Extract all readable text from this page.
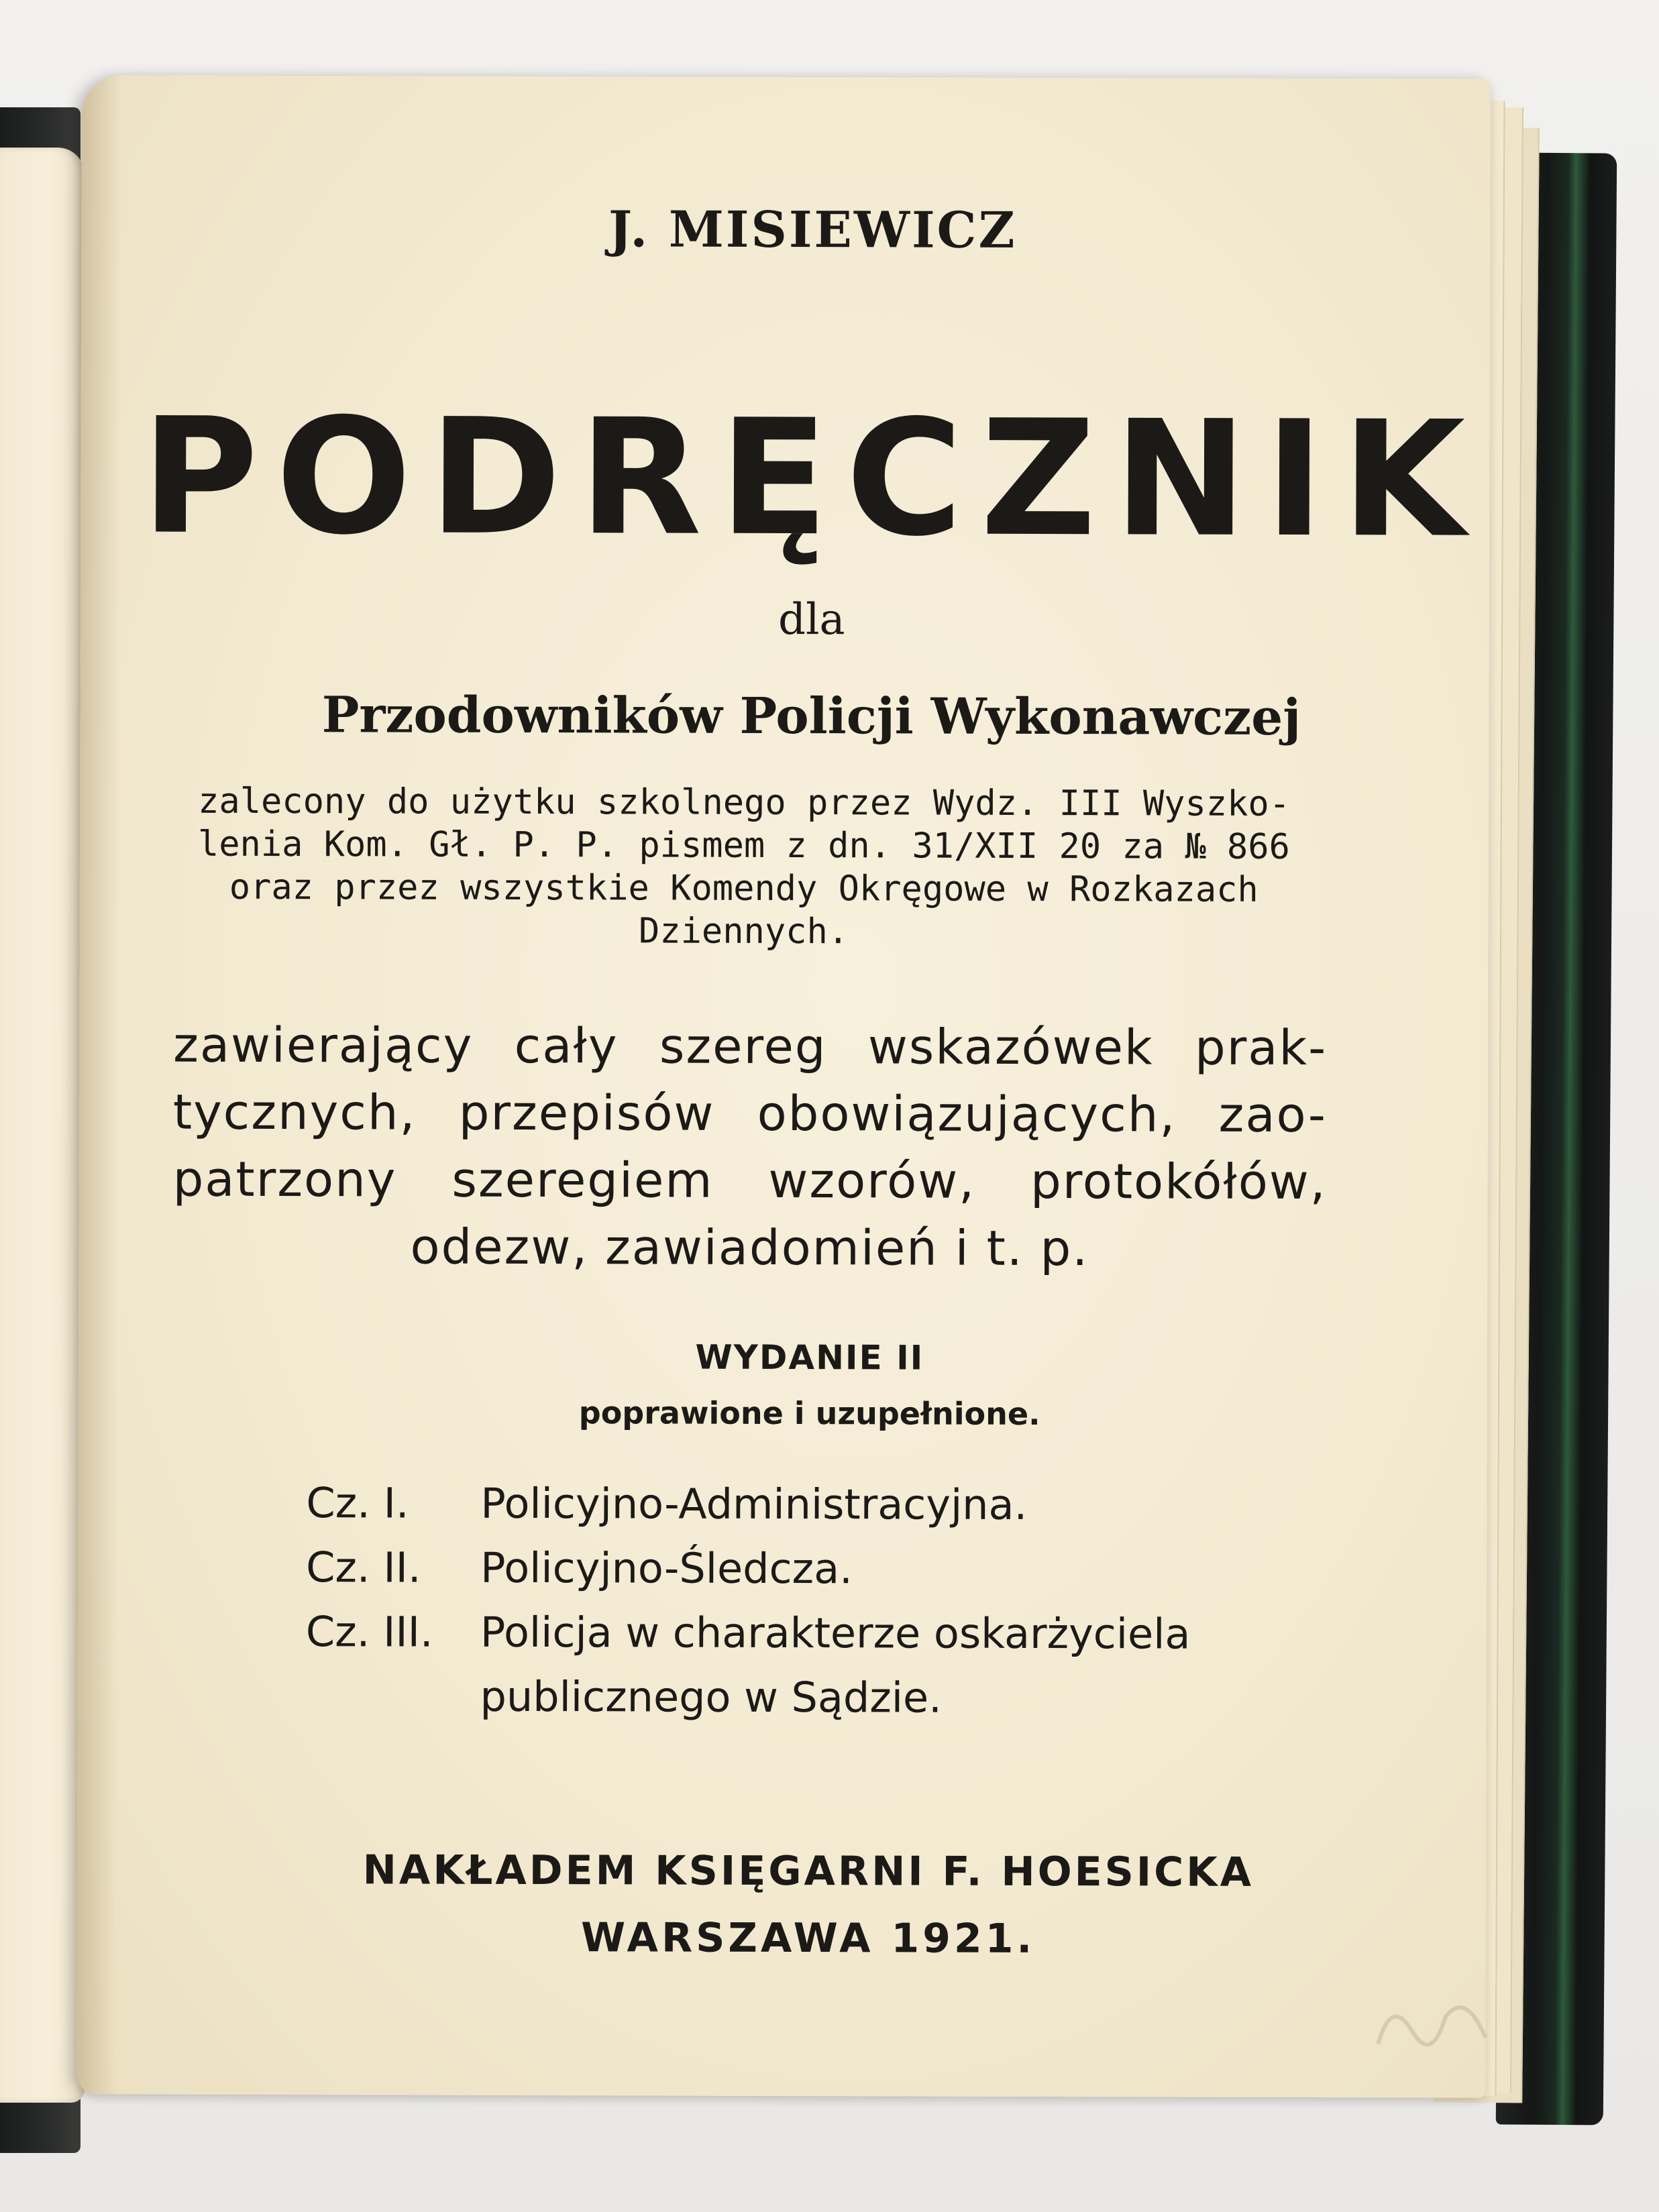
J. MISIEWICZ
PODRĘCZNIK
dla
Przodowników Policji Wykonawczej
zalecony do użytku szkolnego przez Wydz. III Wyszko-
lenia Kom. Gł. P. P. pismem z dn. 31/XII 20 za № 866
oraz przez wszystkie Komendy Okręgowe w Rozkazach
Dziennych.
zawierający cały szereg wskazówek prak-
tycznych, przepisów obowiązujących, zao-
patrzony szeregiem wzorów, protokółów,
odezw, zawiadomień i t. p.
WYDANIE II
poprawione i uzupełnione.
Cz. I.	Policyjno-Administracyjna.
Cz. II.	Policyjno-Śledcza.
Cz. III.	Policja w charakterze oskarżyciela
publicznego w Sądzie.
NAKŁADEM KSIĘGARNI F. HOESICKA
WARSZAWA 1921.
